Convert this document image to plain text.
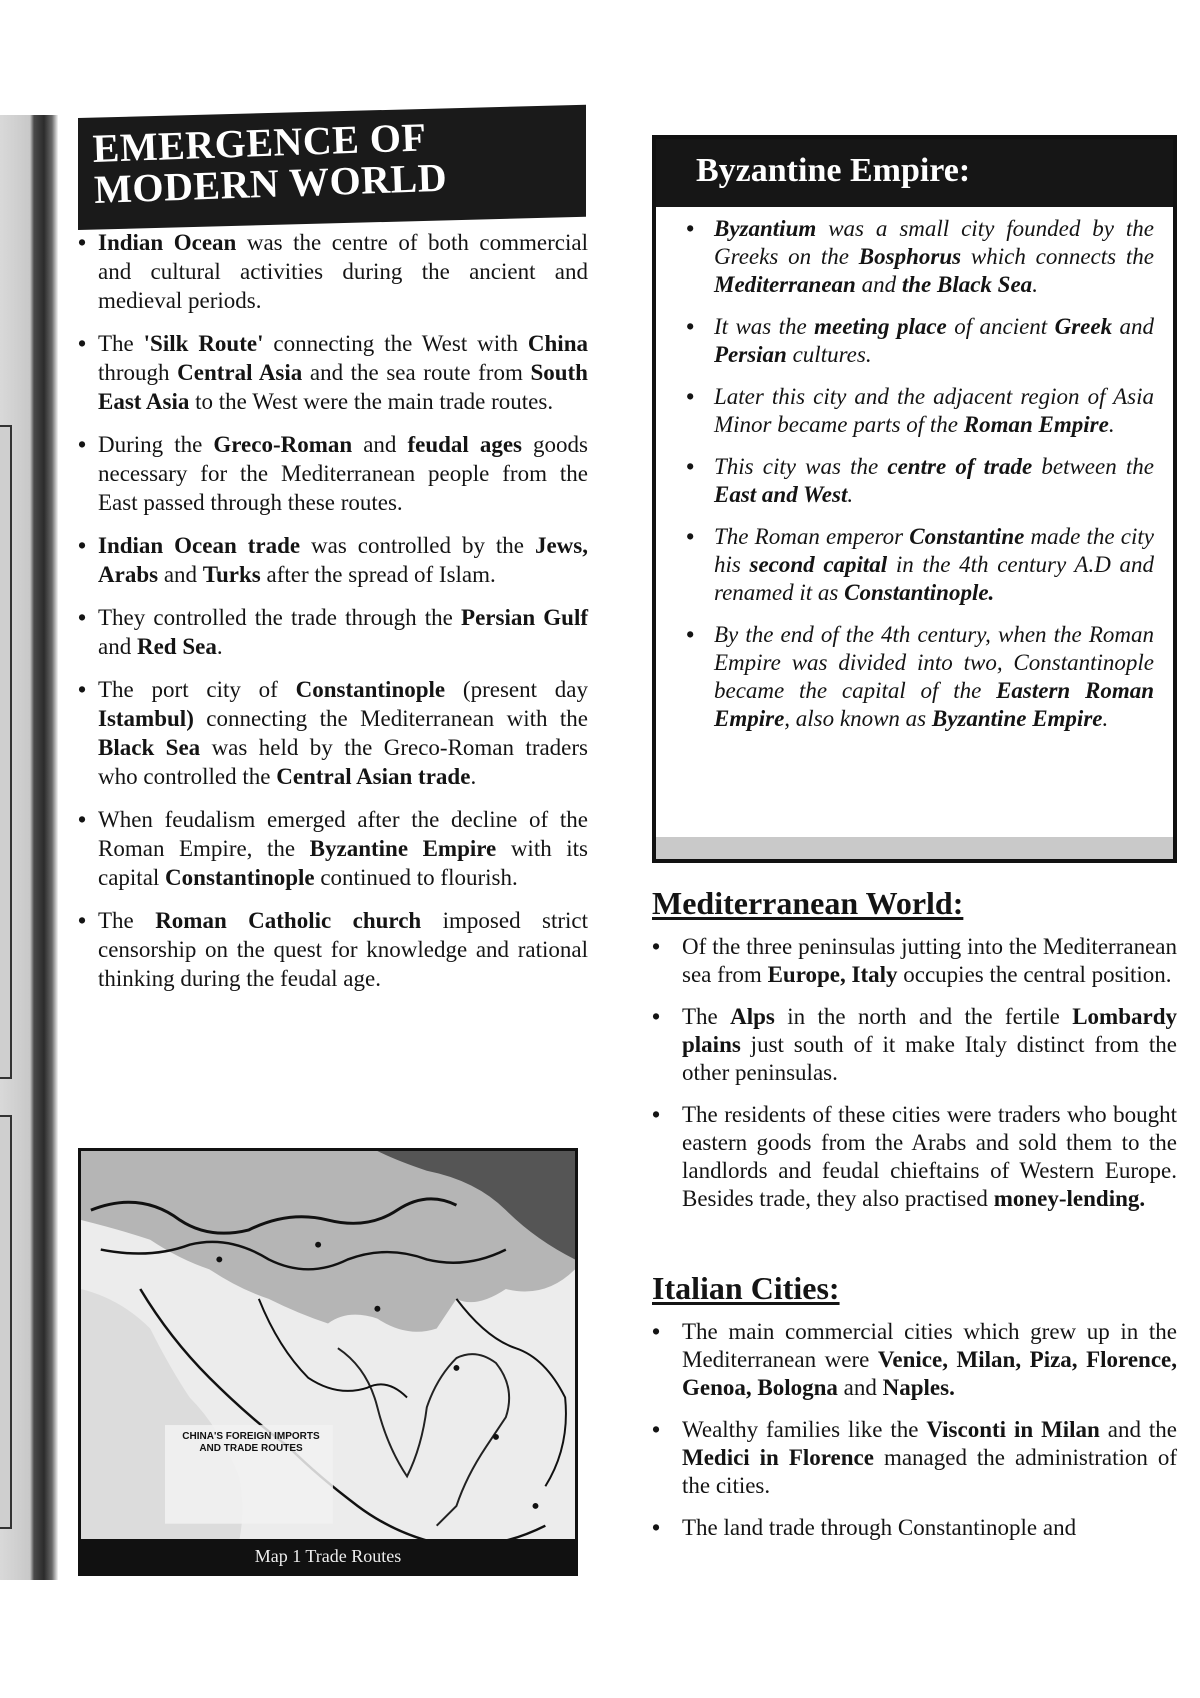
EMERGENCE OF
MODERN WORLD
• Indian Ocean was the centre of both commercial and cultural activities during the ancient and medieval periods.
• The 'Silk Route' connecting the West with China through Central Asia and the sea route from South East Asia to the West were the main trade routes.
• During the Greco-Roman and feudal ages goods necessary for the Mediterranean people from the East passed through these routes.
• Indian Ocean trade was controlled by the Jews, Arabs and Turks after the spread of Islam.
• They controlled the trade through the Persian Gulf and Red Sea.
• The port city of Constantinople (present day Istambul) connecting the Mediterranean with the Black Sea was held by the Greco-Roman traders who controlled the Central Asian trade.
• When feudalism emerged after the decline of the Roman Empire, the Byzantine Empire with its capital Constantinople continued to flourish.
• The Roman Catholic church imposed strict censorship on the quest for knowledge and rational thinking during the feudal age.
CHINA'S FOREIGN IMPORTS AND TRADE ROUTES
Map 1 Trade Routes
Byzantine Empire:
• Byzantium was a small city founded by the Greeks on the Bosphorus which connects the Mediterranean and the Black Sea.
• It was the meeting place of ancient Greek and Persian cultures.
• Later this city and the adjacent region of Asia Minor became parts of the Roman Empire.
• This city was the centre of trade between the East and West.
• The Roman emperor Constantine made the city his second capital in the 4th century A.D and renamed it as Constantinople.
• By the end of the 4th century, when the Roman Empire was divided into two, Constantinople became the capital of the Eastern Roman Empire, also known as Byzantine Empire.
Mediterranean World:
• Of the three peninsulas jutting into the Mediterranean sea from Europe, Italy occupies the central position.
• The Alps in the north and the fertile Lombardy plains just south of it make Italy distinct from the other peninsulas.
• The residents of these cities were traders who bought eastern goods from the Arabs and sold them to the landlords and feudal chieftains of Western Europe. Besides trade, they also practised money-lending.
Italian Cities:
• The main commercial cities which grew up in the Mediterranean were Venice, Milan, Piza, Florence, Genoa, Bologna and Naples.
• Wealthy families like the Visconti in Milan and the Medici in Florence managed the administration of the cities.
• The land trade through Constantinople and
